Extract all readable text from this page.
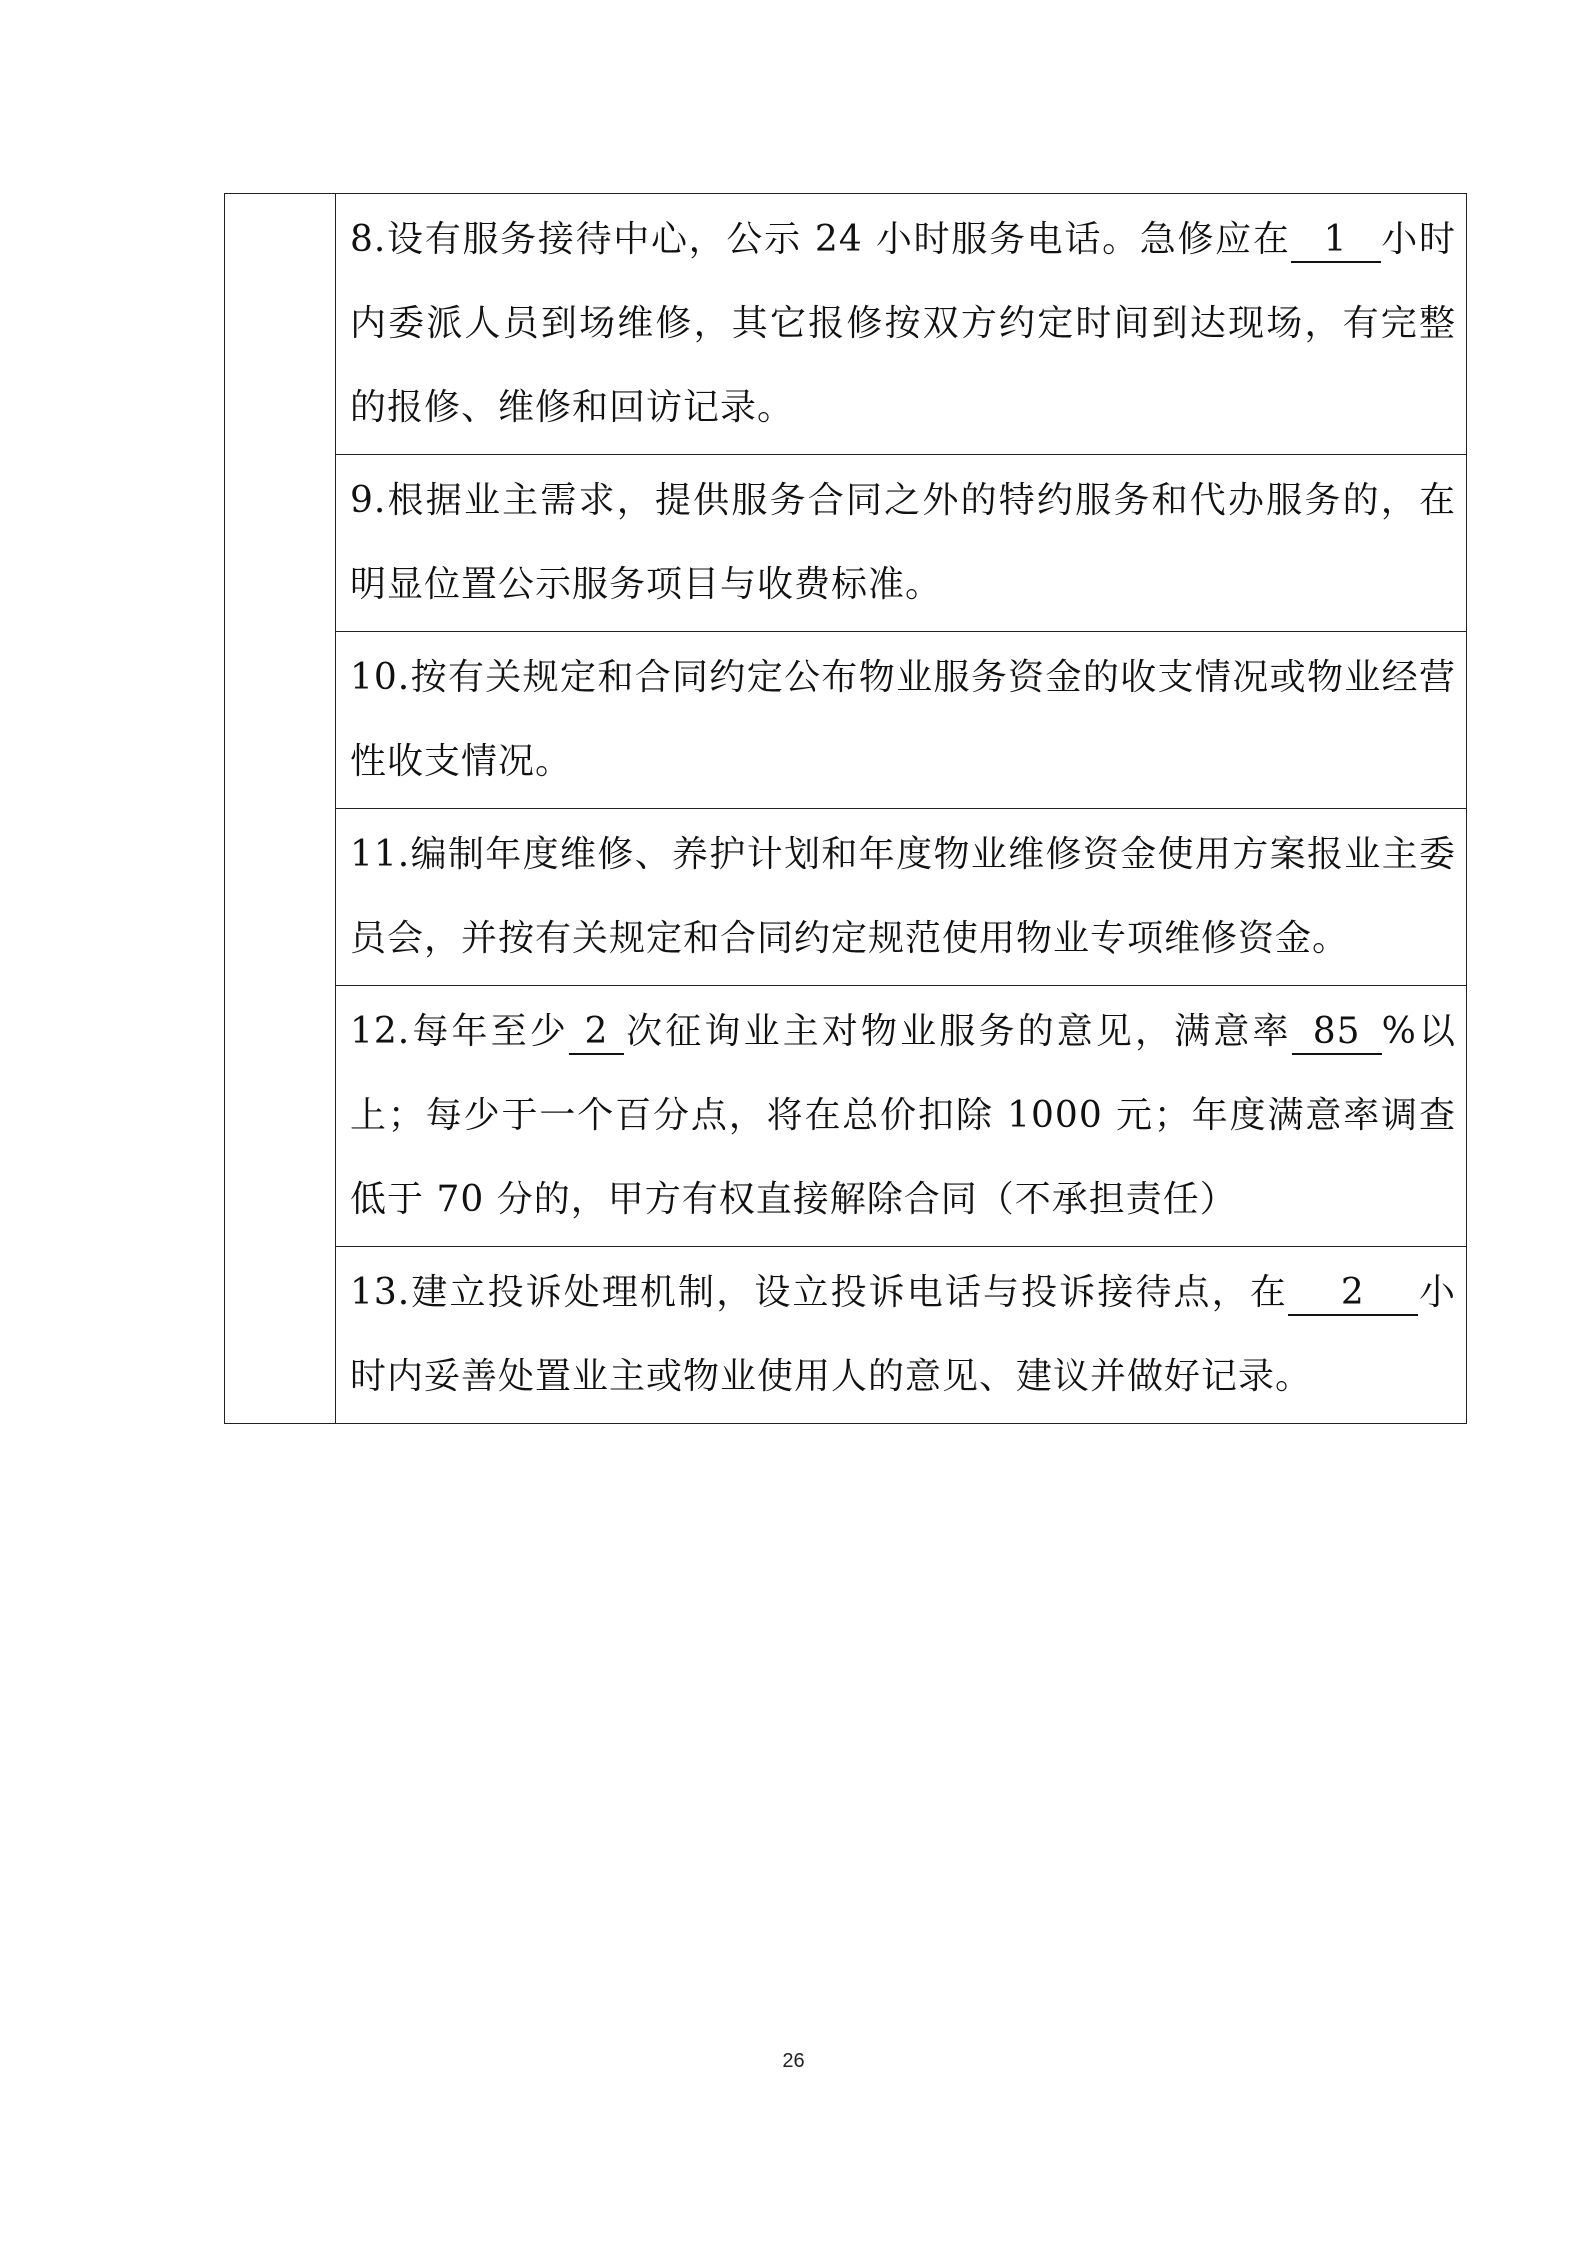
8.设有服务接待中心，公示 24 小时服务电话。急修应在 1 小时内委派人员到场维修，其它报修按双方约定时间到达现场，有完整的报修、维修和回访记录。

9.根据业主需求，提供服务合同之外的特约服务和代办服务的，在明显位置公示服务项目与收费标准。

10.按有关规定和合同约定公布物业服务资金的收支情况或物业经营性收支情况。

11.编制年度维修、养护计划和年度物业维修资金使用方案报业主委员会，并按有关规定和合同约定规范使用物业专项维修资金。

12.每年至少 2 次征询业主对物业服务的意见，满意率 85 %以上；每少于一个百分点，将在总价扣除 1000 元；年度满意率调查低于 70 分的，甲方有权直接解除合同（不承担责任）

13.建立投诉处理机制，设立投诉电话与投诉接待点，在 2 小时内妥善处置业主或物业使用人的意见、建议并做好记录。
26
